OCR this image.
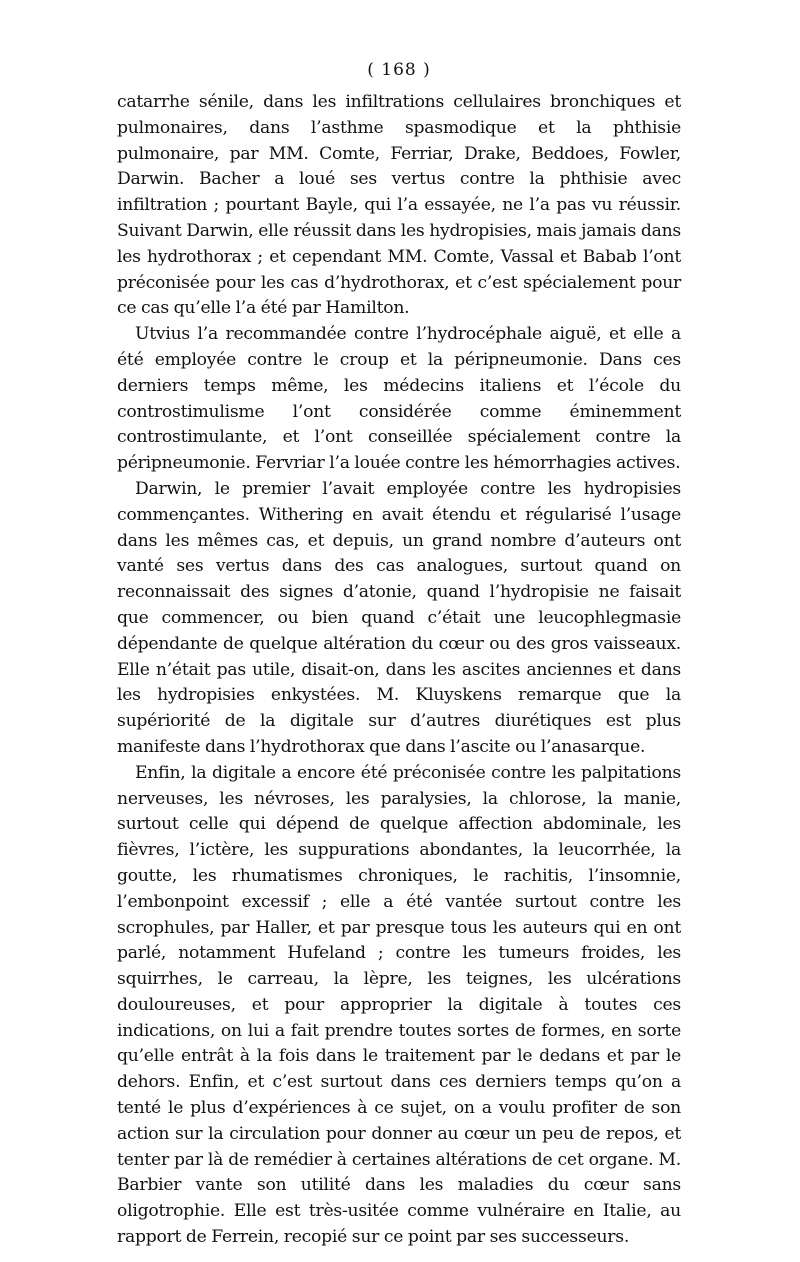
( 168 )

catarrhe sénile, dans les infiltrations cellulaires bronchiques et pulmonaires, dans l’asthme spasmodique et la phthisie pulmonaire, par MM. Comte, Ferriar, Drake, Beddoes, Fowler, Darwin. Bacher a loué ses vertus contre la phthisie avec infiltration ; pourtant Bayle, qui l’a essayée, ne l’a pas vu réussir. Suivant Darwin, elle réussit dans les hydropisies, mais jamais dans les hydrothorax ; et cependant MM. Comte, Vassal et Babab l’ont préconisée pour les cas d’hydrothorax, et c’est spécialement pour ce cas qu’elle l’a été par Hamilton.

Utvius l’a recommandée contre l’hydrocéphale aiguë, et elle a été employée contre le croup et la péripneumonie. Dans ces derniers temps même, les médecins italiens et l’école du controstimulisme l’ont considérée comme éminemment controstimulante, et l’ont conseillée spécialement contre la péripneumonie. Fervriar l’a louée contre les hémorrhagies actives.

Darwin, le premier l’avait employée contre les hydropisies commençantes. Withering en avait étendu et régularisé l’usage dans les mêmes cas, et depuis, un grand nombre d’auteurs ont vanté ses vertus dans des cas analogues, surtout quand on reconnaissait des signes d’atonie, quand l’hydropisie ne faisait que commencer, ou bien quand c’était une leucophlegmasie dépendante de quelque altération du cœur ou des gros vaisseaux. Elle n’était pas utile, disait-on, dans les ascites anciennes et dans les hydropisies enkystées. M. Kluyskens remarque que la supériorité de la digitale sur d’autres diurétiques est plus manifeste dans l’hydrothorax que dans l’ascite ou l’anasarque.

Enfin, la digitale a encore été préconisée contre les palpitations nerveuses, les névroses, les paralysies, la chlorose, la manie, surtout celle qui dépend de quelque affection abdominale, les fièvres, l’ictère, les suppurations abondantes, la leucorrhée, la goutte, les rhumatismes chroniques, le rachitis, l’insomnie, l’embonpoint excessif ; elle a été vantée surtout contre les scrophules, par Haller, et par presque tous les auteurs qui en ont parlé, notamment Hufeland ; contre les tumeurs froides, les squirrhes, le carreau, la lèpre, les teignes, les ulcérations douloureuses, et pour approprier la digitale à toutes ces indications, on lui a fait prendre toutes sortes de formes, en sorte qu’elle entrât à la fois dans le traitement par le dedans et par le dehors. Enfin, et c’est surtout dans ces derniers temps qu’on a tenté le plus d’expériences à ce sujet, on a voulu profiter de son action sur la circulation pour donner au cœur un peu de repos, et tenter par là de remédier à certaines altérations de cet organe. M. Barbier vante son utilité dans les maladies du cœur sans oligotrophie. Elle est très-usitée comme vulnéraire en Italie, au rapport de Ferrein, recopié sur ce point par ses successeurs.
